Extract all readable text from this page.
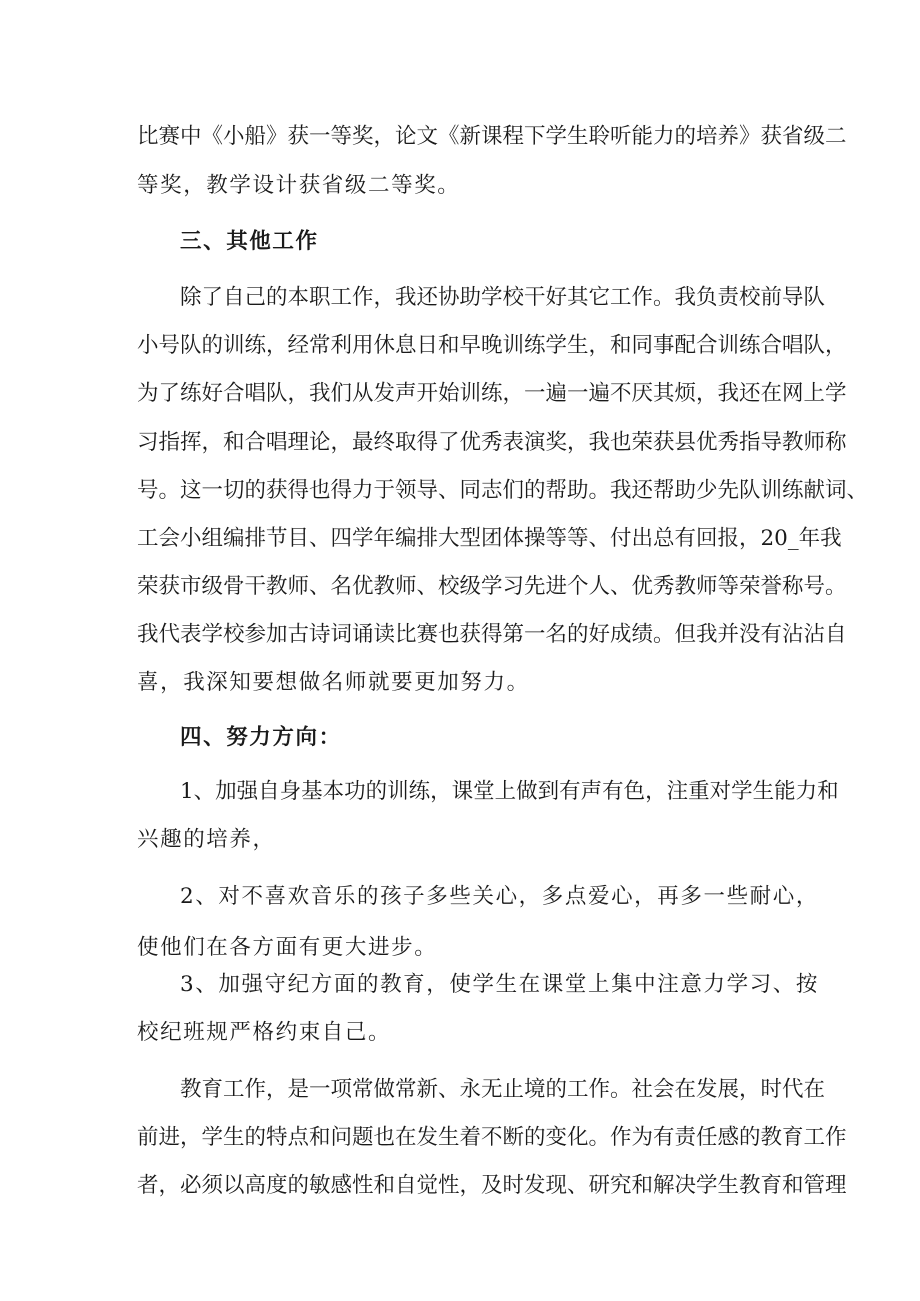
比赛中《小船》获一等奖，论文《新课程下学生聆听能力的培养》获省级二
等奖，教学设计获省级二等奖。
三、其他工作
除了自己的本职工作，我还协助学校干好其它工作。我负责校前导队
小号队的训练，经常利用休息日和早晚训练学生，和同事配合训练合唱队，
为了练好合唱队，我们从发声开始训练，一遍一遍不厌其烦，我还在网上学
习指挥，和合唱理论，最终取得了优秀表演奖，我也荣获县优秀指导教师称
号。这一切的获得也得力于领导、同志们的帮助。我还帮助少先队训练献词、
工会小组编排节目、四学年编排大型团体操等等、付出总有回报，20_年我
荣获市级骨干教师、名优教师、校级学习先进个人、优秀教师等荣誉称号。
我代表学校参加古诗词诵读比赛也获得第一名的好成绩。但我并没有沾沾自
喜，我深知要想做名师就要更加努力。
四、努力方向：
1、加强自身基本功的训练，课堂上做到有声有色，注重对学生能力和
兴趣的培养，
2、对不喜欢音乐的孩子多些关心，多点爱心，再多一些耐心，
使他们在各方面有更大进步。
3、加强守纪方面的教育，使学生在课堂上集中注意力学习、按
校纪班规严格约束自己。
教育工作，是一项常做常新、永无止境的工作。社会在发展，时代在
前进，学生的特点和问题也在发生着不断的变化。作为有责任感的教育工作
者，必须以高度的敏感性和自觉性，及时发现、研究和解决学生教育和管理
